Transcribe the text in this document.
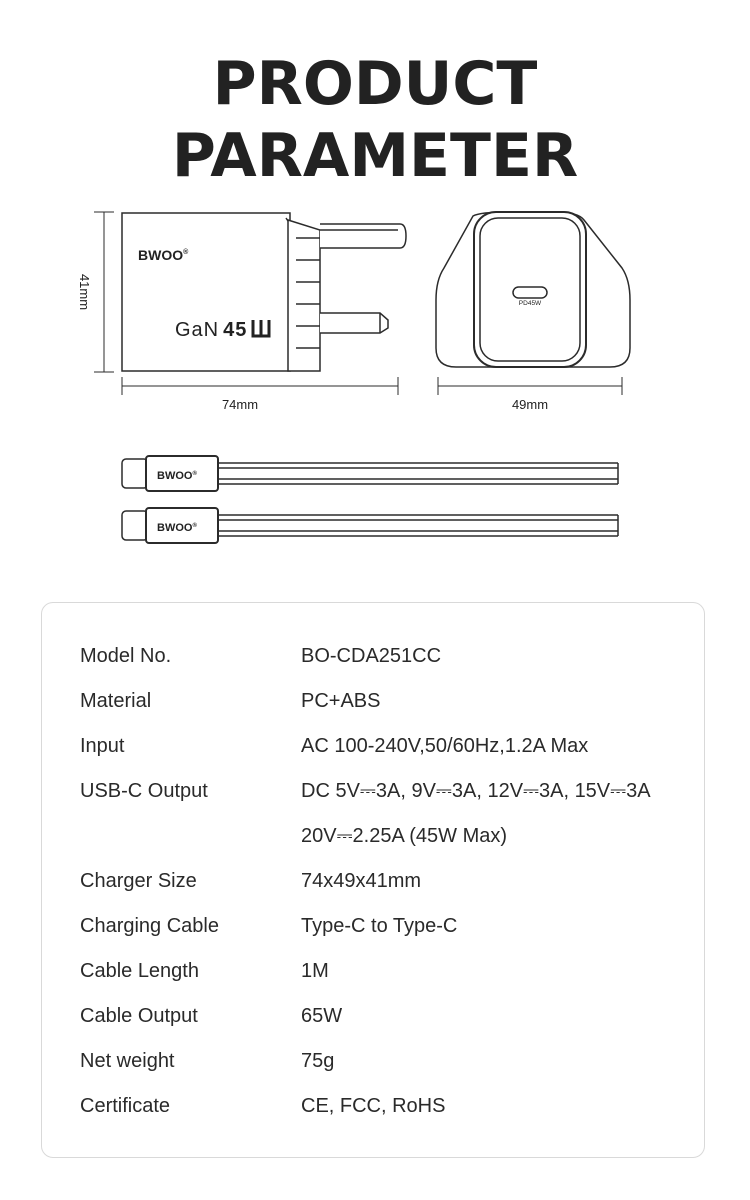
PRODUCT PARAMETER
BWOO®
GaN 45
PD45W
41mm
74mm	49mm
BWOO®
BWOO®
Model No.	BO-CDA251CC
Material	PC+ABS
Input	AC 100-240V,50/60Hz,1.2A Max
USB-C Output	DC 5V⎓3A, 9V⎓3A, 12V⎓3A, 15V⎓3A
20V⎓2.25A (45W Max)
Charger Size	74x49x41mm
Charging Cable	Type-C to Type-C
Cable Length	1M
Cable Output	65W
Net weight	75g
Certificate	CE, FCC, RoHS
